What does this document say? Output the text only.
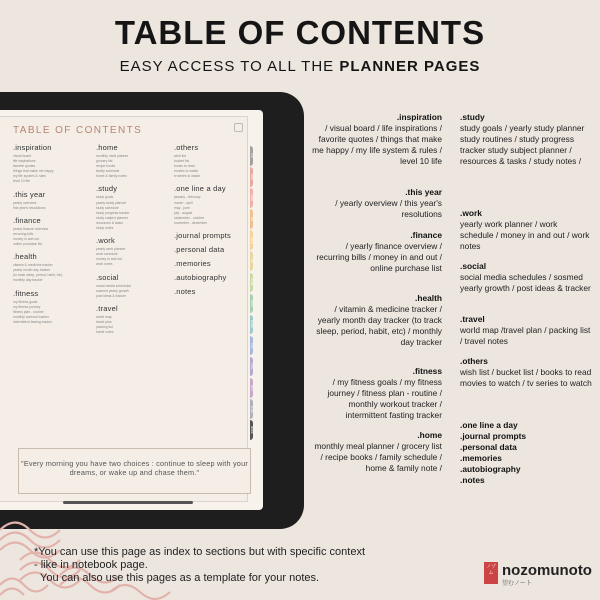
TABLE OF CONTENTS
EASY ACCESS TO ALL THE PLANNER PAGES
TABLE OF CONTENTS
.inspiration
visual board
life inspirations
favorite quotes
things that make me happy
my life system & rules
level 10 life
.this year
yearly overview
this year's resolutions
.finance
yearly finance overview
recurring bills
money in and out
online purchase list
.health
vitamin & medicine tracker
yearly month day tracker
(to track sleep, period, habit, etc)
monthly day tracker
.fitness
my fitness goals
my fitness journey
fitness plan - routine
monthly workout tracker
intermittent fasting tracker
.home
monthly meal planner
grocery list
recipe books
family schedule
home & family notes
.study
study goals
yearly study planner
study schedule
study progress tracker
study subject planner
resources & tasks
study notes
.work
yearly work planner
work schedule
money in and out
work notes
.social
social media schedules
sosmed yearly growth
post ideas & tracker
.travel
world map
travel plan
packing list
travel notes
.others
wish list
bucket list
books to read
movies to watch
tv series to watch
.one line a day
january - february
march - april
may - june
july - august
september - october
november - december
.journal prompts
.personal data
.memories
.autobiography
.notes
"Every morning you have two choices : continue to sleep with your dreams, or wake up and chase them."
TOC
INSP
YEAR
FIN
HLTH
FIT
HOME
STDY
WORK
SOC
TRVL
OTH
1LAD
MORE
.inspiration
/ visual board / life inspirations / favorite quotes / things that make me happy / my life system & rules / level 10 life
.this year
/ yearly overview / this year's resolutions
.finance
/ yearly finance overview / recurring bills / money in and out / online purchase list
.health
/ vitamin & medicine tracker / yearly month day tracker (to track sleep, period, habit, etc) / monthly day tracker
.fitness
/ my fitness goals / my fitness journey / fitness plan - routine / monthly workout tracker / intermittent fasting tracker
.home
monthly meal planner / grocery list / recipe books / family schedule / home & family note /
.study
study goals / yearly study planner study routines / study progress tracker study subject planner / resources & tasks / study notes /
.work
yearly work planner / work schedule / money in and out / work notes
.social
social media schedules / sosmed yearly growth / post ideas & tracker
.travel
world map /travel plan / packing list / travel notes
.others
wish list / bucket list / books to read movies to watch / tv series to watch
.one line a day
.journal prompts
.personal data
.memories
.autobiography
.notes
*You can use this page as index to sections but with specific context
- like in notebook page.
You can also use this pages as a template for your notes.
ノゾム nozomunoto
望むノート
